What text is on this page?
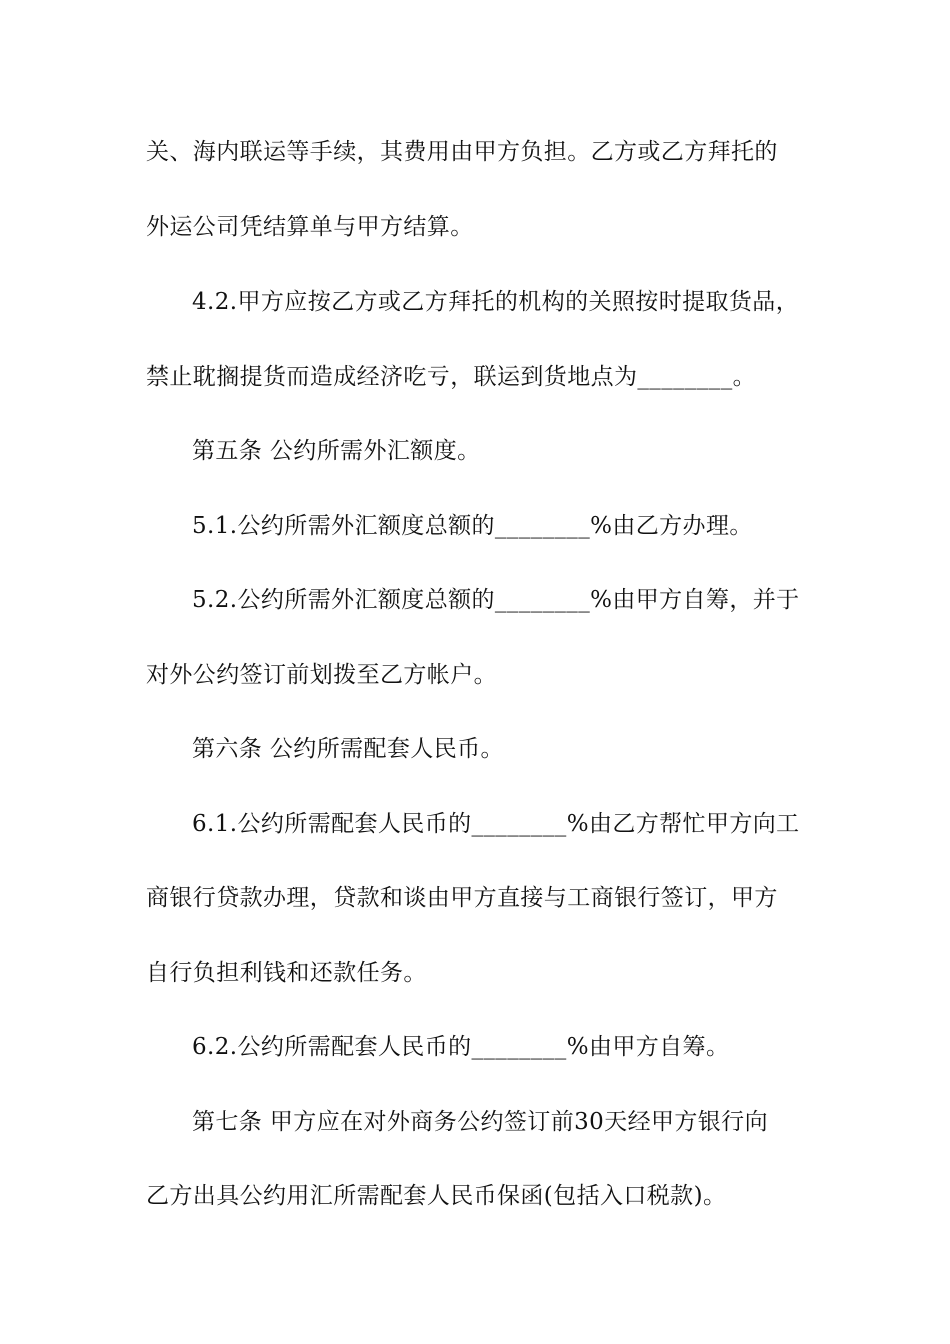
关、海内联运等手续，其费用由甲方负担。乙方或乙方拜托的
外运公司凭结算单与甲方结算。
4.2.甲方应按乙方或乙方拜托的机构的关照按时提取货品，
禁止耽搁提货而造成经济吃亏，联运到货地点为________。
第五条 公约所需外汇额度。
5.1.公约所需外汇额度总额的________%由乙方办理。
5.2.公约所需外汇额度总额的________%由甲方自筹，并于
对外公约签订前划拨至乙方帐户。
第六条 公约所需配套人民币。
6.1.公约所需配套人民币的________%由乙方帮忙甲方向工
商银行贷款办理，贷款和谈由甲方直接与工商银行签订，甲方
自行负担利钱和还款任务。
6.2.公约所需配套人民币的________%由甲方自筹。
第七条 甲方应在对外商务公约签订前30天经甲方银行向
乙方出具公约用汇所需配套人民币保函(包括入口税款)。
